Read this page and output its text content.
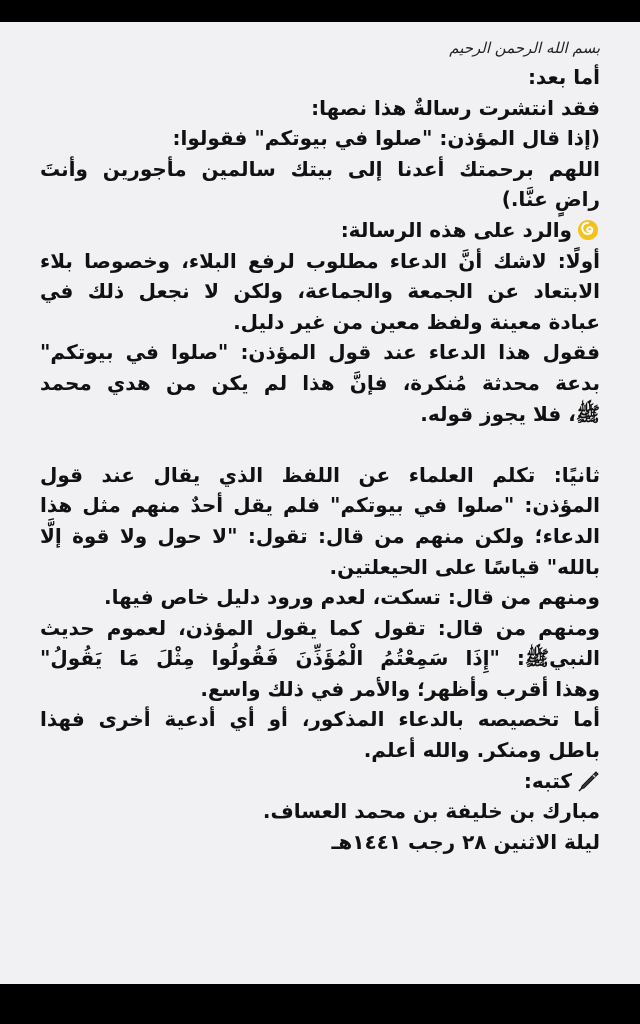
بسم الله الرحمن الرحيم
أما بعد:
فقد انتشرت رسالةٌ هذا نصها:
(إذا قال المؤذن: "صلوا في بيوتكم" فقولوا:
اللهم برحمتك أعدنا إلى بيتك سالمين مأجورين وأنتَ
راضٍ عنَّا.)
والرد على هذه الرسالة:
أولًا: لاشك أنَّ الدعاء مطلوب لرفع البلاء، وخصوصا بلاء
الابتعاد عن الجمعة والجماعة، ولكن لا نجعل ذلك في
عبادة معينة ولفظ معين من غير دليل.
فقول هذا الدعاء عند قول المؤذن: "صلوا في بيوتكم"
بدعة محدثة مُنكرة، فإنَّ هذا لم يكن من هدي محمد
ﷺ، فلا يجوز قوله.
ثانيًا: تكلم العلماء عن اللفظ الذي يقال عند قول
المؤذن: "صلوا في بيوتكم" فلم يقل أحدٌ منهم مثل هذا
الدعاء؛ ولكن منهم من قال: تقول: "لا حول ولا قوة إلَّا
بالله" قياسًا على الحيعلتين.
ومنهم من قال: تسكت، لعدم ورود دليل خاص فيها.
ومنهم من قال: تقول كما يقول المؤذن، لعموم حديث
النبيﷺ: "إِذَا سَمِعْتُمُ الْمُؤَذِّنَ فَقُولُوا مِثْلَ مَا يَقُولُ"
وهذا أقرب وأظهر؛ والأمر في ذلك واسع.
أما تخصيصه بالدعاء المذكور، أو أي أدعية أخرى فهذا
باطل ومنكر. والله أعلم.
كتبه:
مبارك بن خليفة بن محمد العساف.
ليلة الاثنين ٢٨ رجب ١٤٤١هـ
